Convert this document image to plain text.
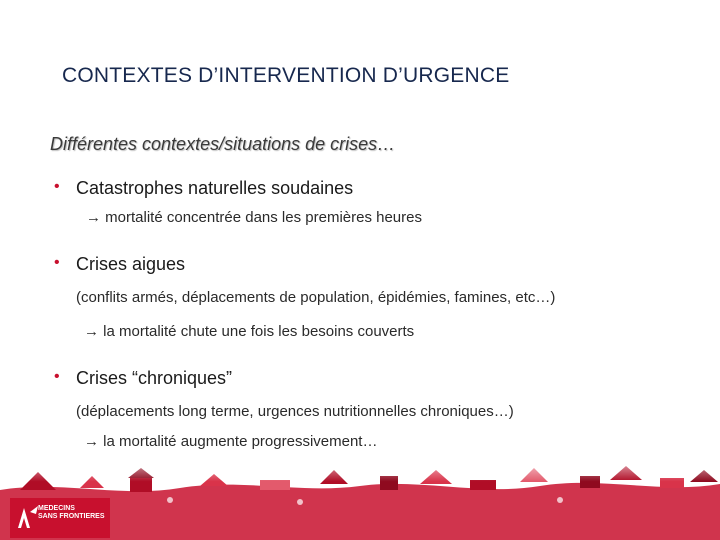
CONTEXTES D’INTERVENTION D’URGENCE
Différentes contextes/situations de crises…
• Catastrophes naturelles soudaines
→ mortalité concentrée dans les premières heures
• Crises aigues
(conflits armés, déplacements de population, épidémies, famines, etc…)
→ la mortalité chute une fois les besoins couverts
• Crises “chroniques”
(déplacements long terme, urgences nutritionnelles chroniques…)
→ la mortalité augmente progressivement…
MEDECINS
SANS FRONTIERES
